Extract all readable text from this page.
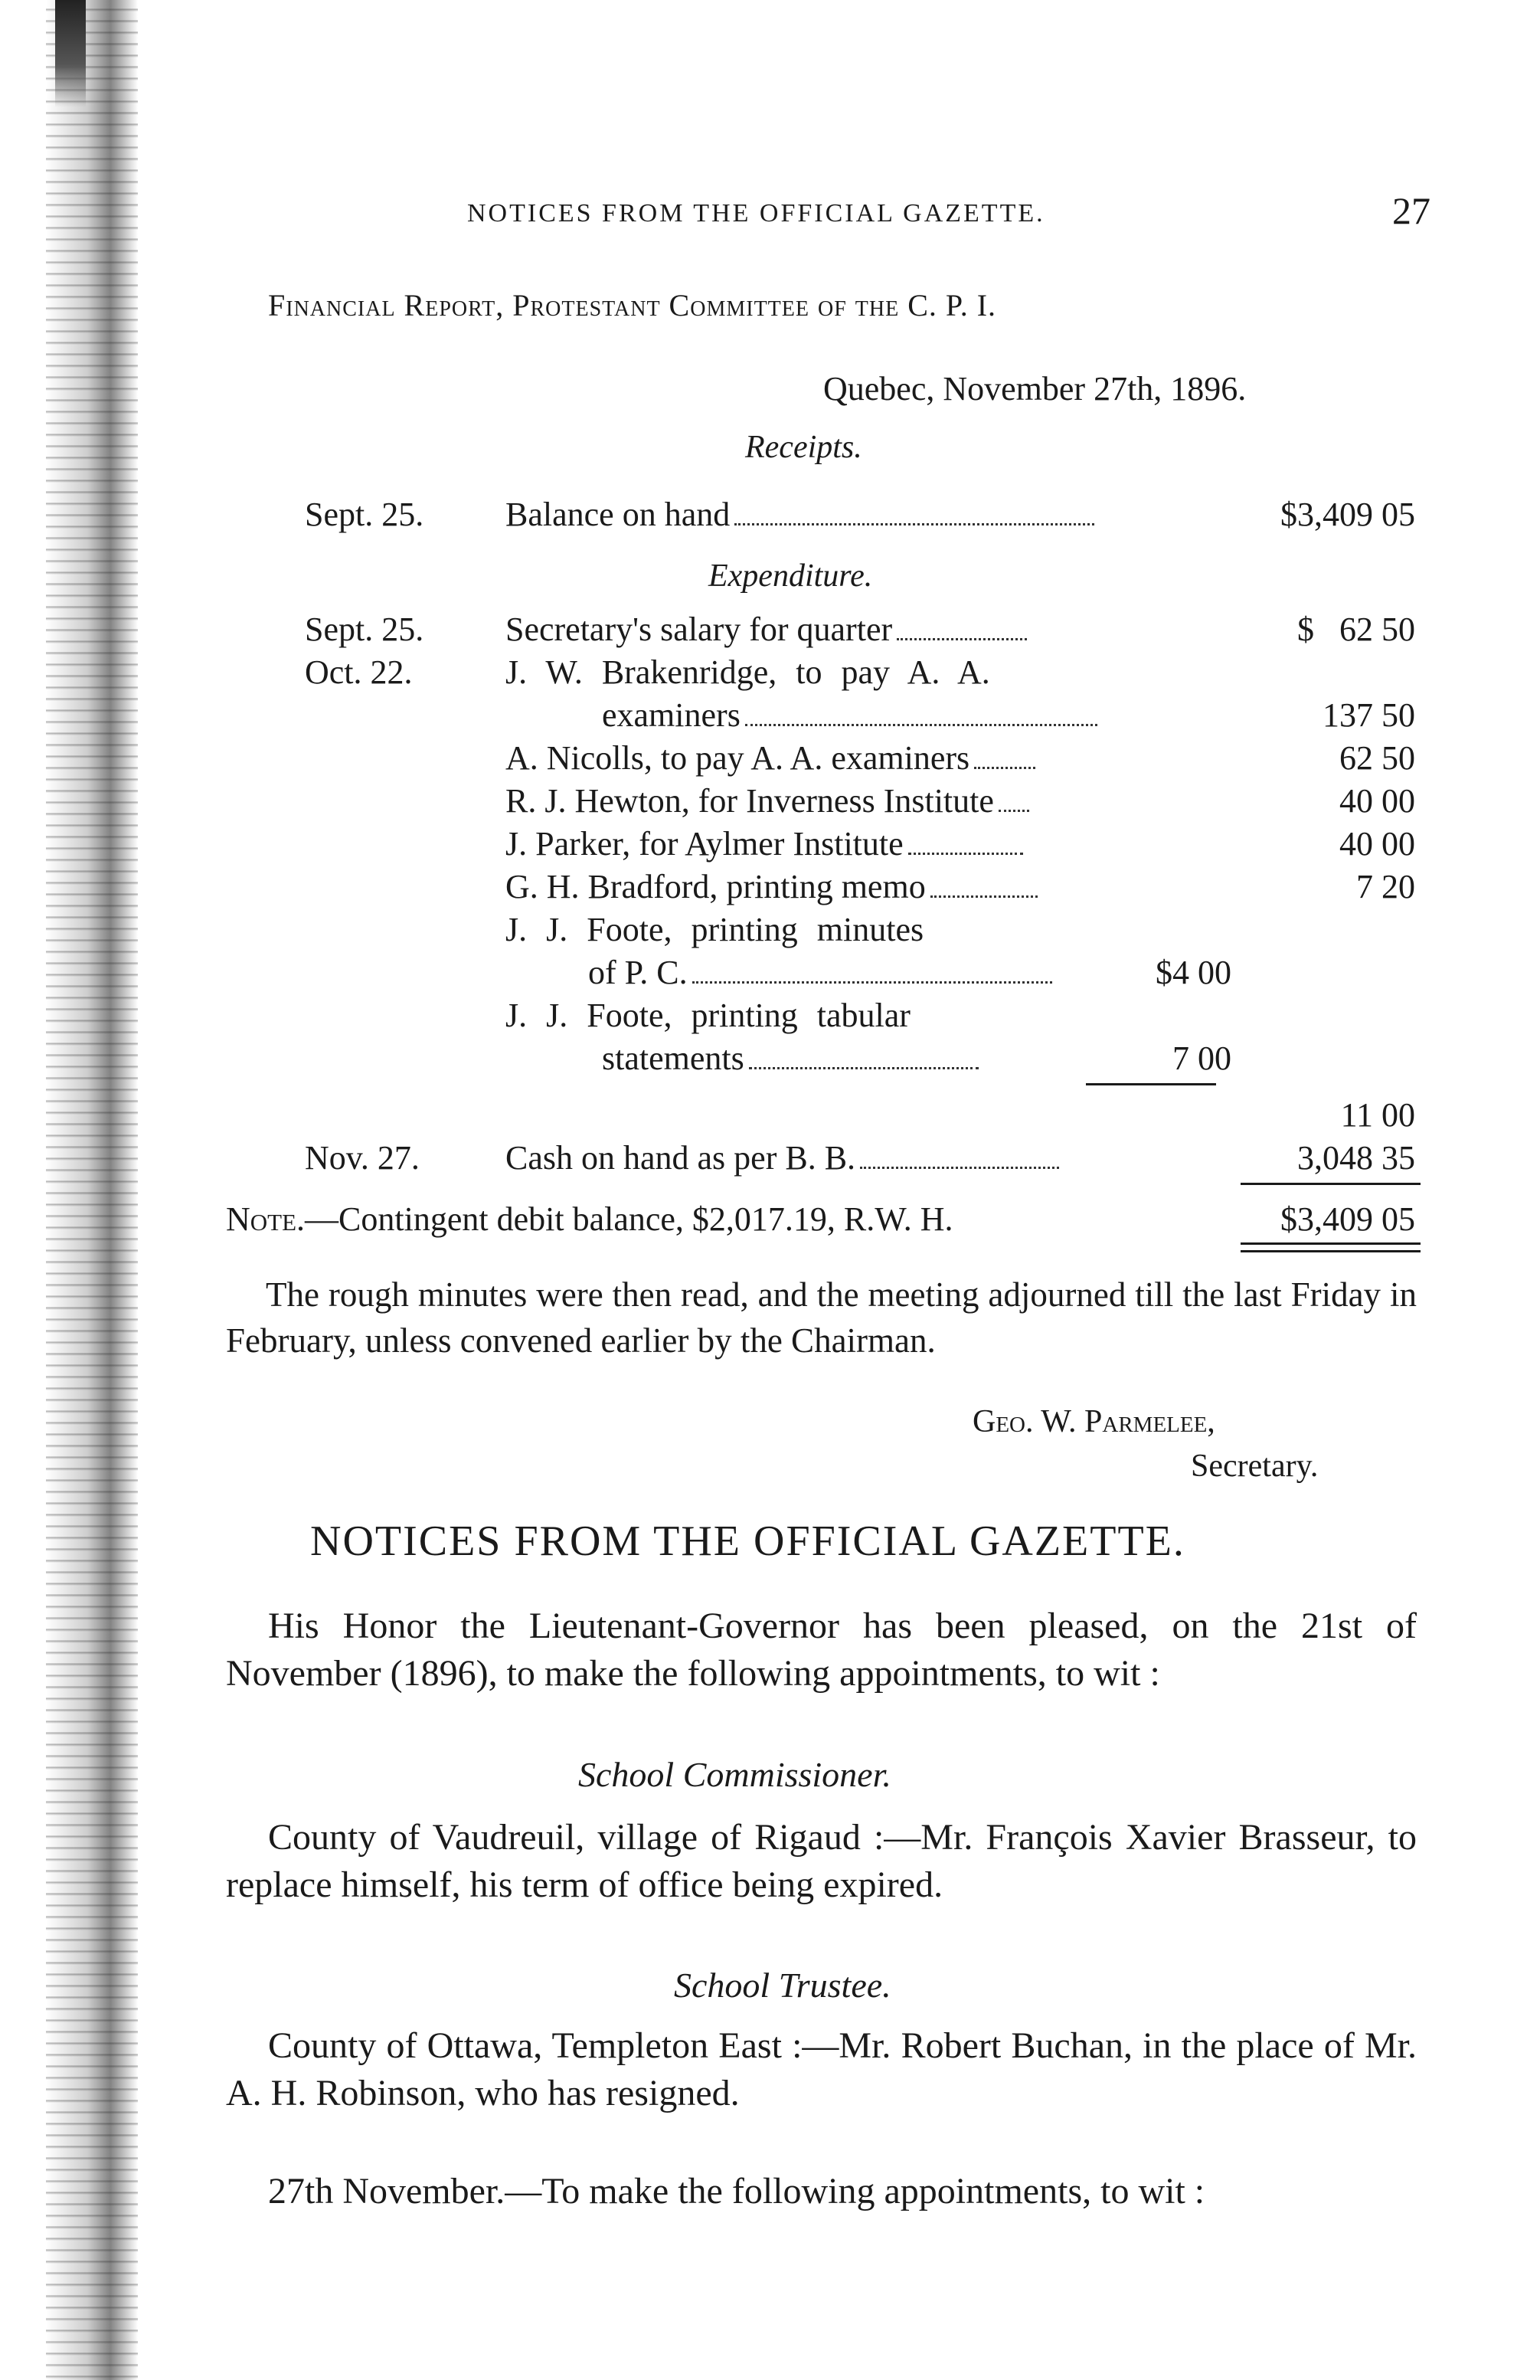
NOTICES FROM THE OFFICIAL GAZETTE.	27
Financial Report, Protestant Committee of the C. P. I.
Quebec, November 27th, 1896.
Receipts.
Sept. 25. Balance on hand	$3,409 05
Expenditure.
Sept. 25. Secretary's salary for quarter	$   62 50
Oct. 22.	J. W. Brakenridge, to pay A. A.
examiners	137 50
A. Nicolls, to pay A. A. examiners	62 50
R. J. Hewton, for Inverness Institute	40 00
J. Parker, for Aylmer Institute	40 00
G. H. Bradford, printing memo	7 20
J. J. Foote, printing minutes
of P. C.	$4 00
J. J. Foote, printing tabular
statements	7 00
11 00
Nov. 27.	Cash on hand as per B. B.	3,048 35
Note.—Contingent debit balance, $2,017.19, R.W. H.	$3,409 05
The rough minutes were then read, and the meeting adjourned till the last Friday in February, unless convened earlier by the Chairman.
Geo. W. Parmelee,
Secretary.
NOTICES FROM THE OFFICIAL GAZETTE.
His Honor the Lieutenant-Governor has been pleased, on the 21st of November (1896), to make the following appointments, to wit :
School Commissioner.
County of Vaudreuil, village of Rigaud :—Mr. François Xavier Brasseur, to replace himself, his term of office being expired.
School Trustee.
County of Ottawa, Templeton East :—Mr. Robert Buchan, in the place of Mr. A. H. Robinson, who has resigned.
27th November.—To make the following appointments, to wit :
